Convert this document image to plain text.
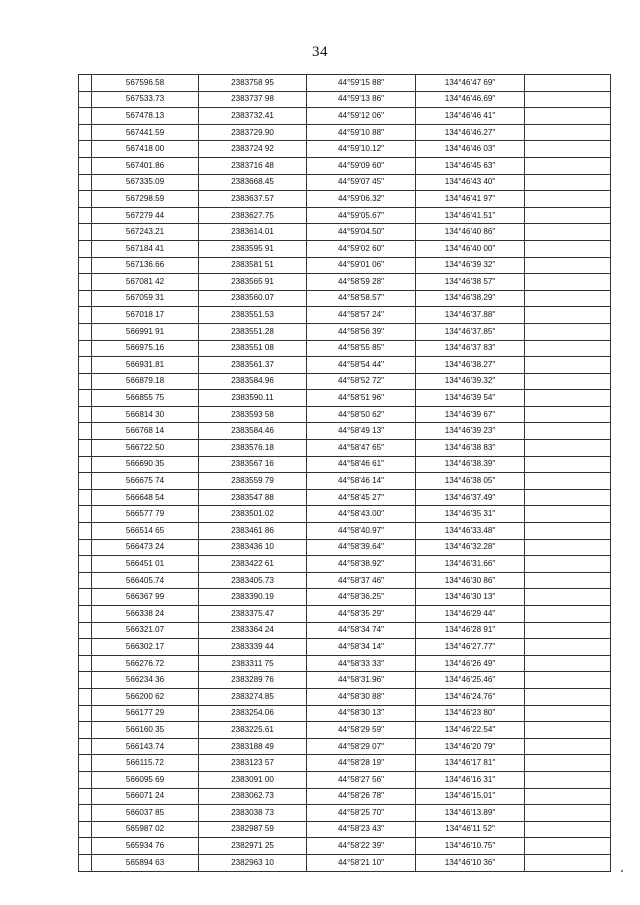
34
	567596.58	2383758 95	44°59'15 88"	134°46'47 69"	
	567533.73	2383737 98	44°59'13 86"	134°46'46.69"	
	567478.13	2383732.41	44°59'12 06"	134°46'46 41"	
	567441.59	2383729.90	44°59'10 88"	134°46'46.27"	
	567418 00	2383724 92	44°59'10.12"	134°46'46 03"	
	567401.86	2383716 48	44°59'09 60"	134°46'45 63"	
	567335.09	2383668.45	44°59'07 45"	134°46'43 40"	
	567298.59	2383637.57	44°59'06.32"	134°46'41 97"	
	567279 44	2383627.75	44°59'05.67"	134°46'41.51"	
	567243.21	2383614.01	44°59'04.50"	134°46'40 86"	
	567184 41	2383595 91	44°59'02 60"	134°46'40 00"	
	567136.66	2383581 51	44°59'01 06"	134°46'39 32"	
	567081 42	2383565 91	44°58'59 28"	134°46'38 57"	
	567059 31	2383560.07	44°58'58.57"	134°46'38.29"	
	567018 17	2383551.53	44°58'57 24"	134°46'37.88"	
	566991 91	2383551.28	44°58'56 39"	134°46'37.85"	
	566975.16	2383551 08	44°58'55 85"	134°46'37 83"	
	566931.81	2383561.37	44°58'54 44"	134°46'38.27"	
	566879.18	2383584.96	44°58'52 72"	134°46'39.32"	
	566855 75	2383590.11	44°58'51 96"	134°46'39 54"	
	566814 30	2383593 58	44°58'50 62"	134°46'39 67"	
	566768 14	2383584.46	44°58'49 13"	134°46'39 23"	
	566722.50	2383576.18	44°58'47 65"	134°46'38 83"	
	566690 35	2383567 16	44°58'46 61"	134°46'38.39"	
	566675 74	2383559 79	44°58'46 14"	134°46'38 05"	
	566648 54	2383547 88	44°58'45 27"	134°46'37.49"	
	566577 79	2383501.02	44°58'43.00"	134°46'35 31"	
	566514 65	2383461 86	44°58'40.97"	134°46'33.48"	
	566473 24	2383436 10	44°58'39.64"	134°46'32.28"	
	566451 01	2383422 61	44°58'38.92"	134°46'31.66"	
	566405.74	2383405.73	44°58'37 46"	134°46'30 86"	
	566367 99	2383390.19	44°58'36.25"	134°46'30 13"	
	566338 24	2383375.47	44°58'35 29"	134°46'29 44"	
	566321.07	2383364 24	44°58'34 74"	134°46'28 91"	
	566302.17	2383339 44	44°58'34 14"	134°46'27.77"	
	566276.72	2383311 75	44°58'33 33"	134°46'26 49"	
	566234 36	2383289 76	44°58'31.96"	134°46'25.46"	
	566200 62	2383274.85	44°58'30 88"	134°46'24.76"	
	566177 29	2383254.06	44°58'30 13"	134°46'23 80"	
	566160 35	2383225.61	44°58'29 59"	134°46'22.54"	
	566143.74	2383188 49	44°58'29 07"	134°46'20 79"	
	566115.72	2383123 57	44°58'28 19"	134°46'17 81"	
	566095 69	2383091 00	44°58'27 56"	134°46'16 31"	
	566071 24	2383062.73	44°58'26 78"	134°46'15.01"	
	566037 85	2383038 73	44°58'25 70"	134°46'13.89"	
	565987 02	2382987 59	44°58'23 43"	134°46'11 52"	
	565934 76	2382971 25	44°58'22 39"	134°46'10.75"	
	565894 63	2382963 10	44°58'21 10"	134°46'10 36"	
